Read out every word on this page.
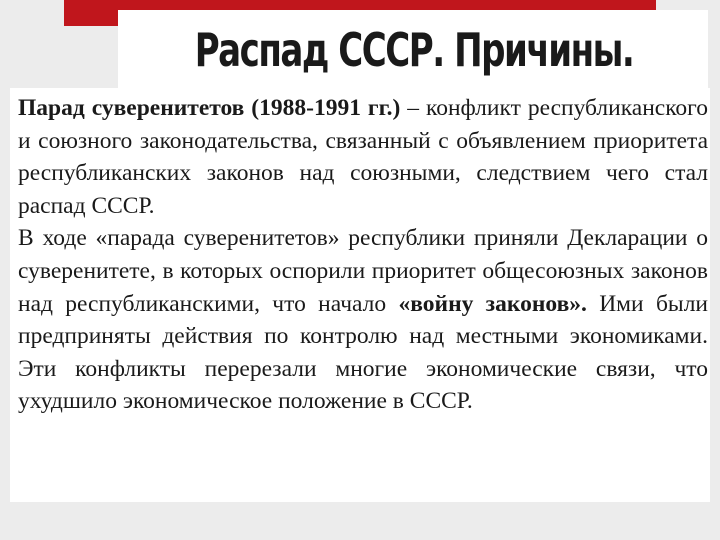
Распад СССР. Причины.

Парад суверенитетов (1988-1991 гг.) – конфликт республиканского и союзного законодательства, связанный с объявлением приоритета республиканских законов над союзными, следствием чего стал распад СССР.

В ходе «парада суверенитетов» республики приняли Декларации о суверенитете, в которых оспорили приоритет общесоюзных законов над республиканскими, что начало «войну законов». Ими были предприняты действия по контролю над местными экономиками. Эти конфликты перерезали многие экономические связи, что ухудшило экономическое положение в СССР.
